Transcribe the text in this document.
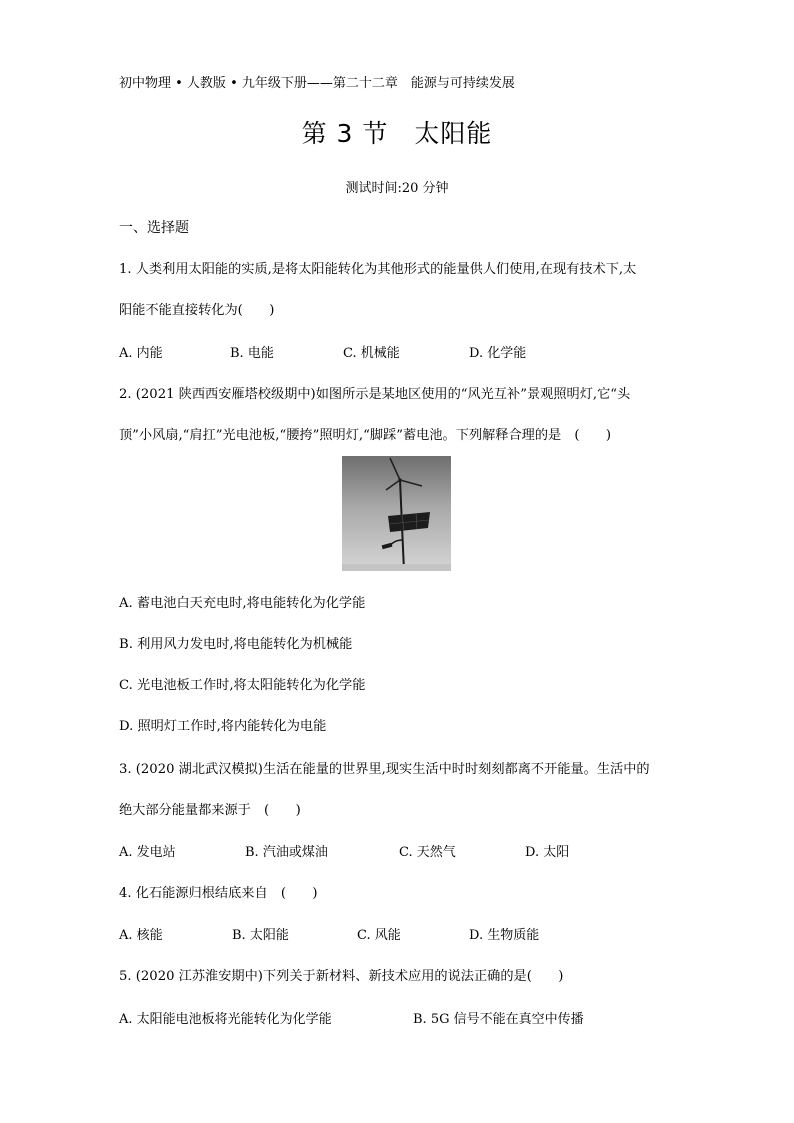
初中物理 • 人教版 • 九年级下册——第二十二章　能源与可持续发展
第 3 节　太阳能
测试时间:20 分钟
一、选择题
1. 人类利用太阳能的实质,是将太阳能转化为其他形式的能量供人们使用,在现有技术下,太
阳能不能直接转化为(　　)
A. 内能	B. 电能	C. 机械能	D. 化学能
2. (2021 陕西西安雁塔校级期中)如图所示是某地区使用的“风光互补”景观照明灯,它“头
顶”小风扇,“肩扛”光电池板,“腰挎”照明灯,“脚踩”蓄电池。下列解释合理的是　(　　)
A. 蓄电池白天充电时,将电能转化为化学能
B. 利用风力发电时,将电能转化为机械能
C. 光电池板工作时,将太阳能转化为化学能
D. 照明灯工作时,将内能转化为电能
3. (2020 湖北武汉模拟)生活在能量的世界里,现实生活中时时刻刻都离不开能量。生活中的
绝大部分能量都来源于　(　　)
A. 发电站	B. 汽油或煤油	C. 天然气	D. 太阳
4. 化石能源归根结底来自　(　　)
A. 核能	B. 太阳能	C. 风能	D. 生物质能
5. (2020 江苏淮安期中)下列关于新材料、新技术应用的说法正确的是(　　)
A. 太阳能电池板将光能转化为化学能	B. 5G 信号不能在真空中传播
